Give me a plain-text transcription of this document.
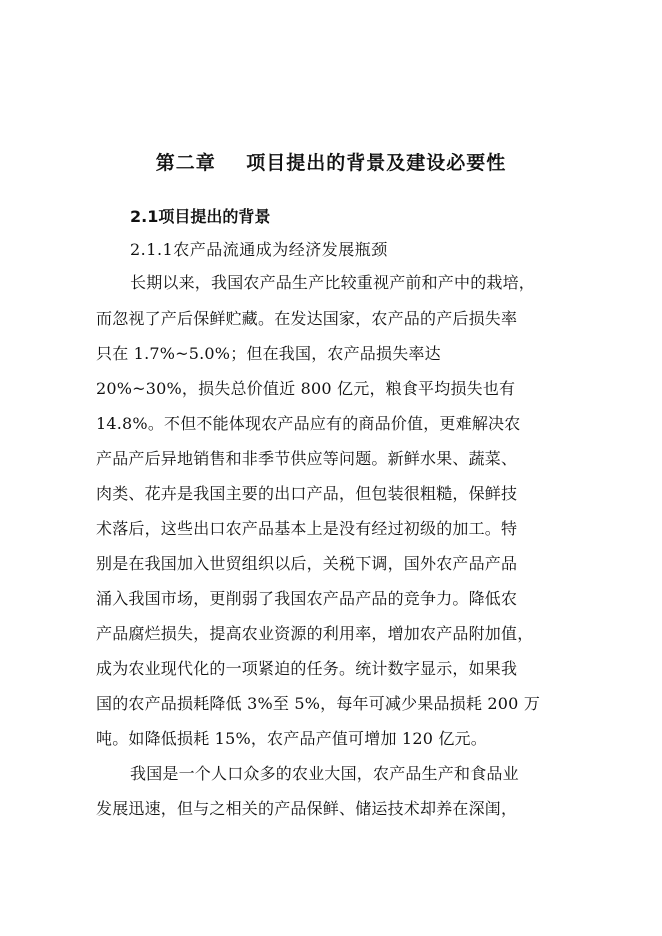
第二章    项目提出的背景及建设必要性
2.1项目提出的背景
2.1.1农产品流通成为经济发展瓶颈
长期以来，我国农产品生产比较重视产前和产中的栽培，
而忽视了产后保鲜贮藏。在发达国家，农产品的产后损失率
只在 1.7%~5.0%；但在我国，农产品损失率达
20%~30%，损失总价值近 800 亿元，粮食平均损失也有
14.8%。不但不能体现农产品应有的商品价值，更难解决农
产品产后异地销售和非季节供应等问题。新鲜水果、蔬菜、
肉类、花卉是我国主要的出口产品，但包装很粗糙，保鲜技
术落后，这些出口农产品基本上是没有经过初级的加工。特
别是在我国加入世贸组织以后，关税下调，国外农产品产品
涌入我国市场，更削弱了我国农产品产品的竞争力。降低农
产品腐烂损失，提高农业资源的利用率，增加农产品附加值，
成为农业现代化的一项紧迫的任务。统计数字显示，如果我
国的农产品损耗降低 3%至 5%，每年可减少果品损耗 200 万
吨。如降低损耗 15%，农产品产值可增加 120 亿元。
我国是一个人口众多的农业大国，农产品生产和食品业
发展迅速，但与之相关的产品保鲜、储运技术却养在深闺，
